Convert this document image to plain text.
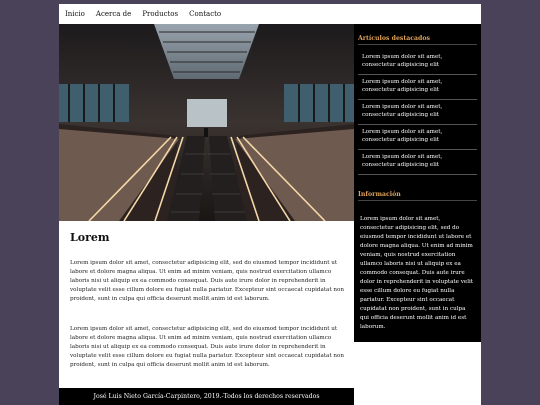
Inicio Acerca de Productos Contacto
Lorem

Lorem ipsum dolor sit amet, consectetur adipisicing elit, sed do eiusmod tempor incididunt ut labore et dolore magna aliqua. Ut enim ad minim veniam, quis nostrud exercitation ullamco laboris nisi ut aliquip ex ea commodo consequat. Duis aute irure dolor in reprehenderit in voluptate velit esse cillum dolore eu fugiat nulla pariatur. Excepteur sint occaecat cupidatat non proident, sunt in culpa qui officia deserunt mollit anim id est laborum.

Lorem ipsum dolor sit amet, consectetur adipisicing elit, sed do eiusmod tempor incididunt ut labore et dolore magna aliqua. Ut enim ad minim veniam, quis nostrud exercitation ullamco laboris nisi ut aliquip ex ea commodo consequat. Duis aute irure dolor in reprehenderit in voluptate velit esse cillum dolore eu fugiat nulla pariatur. Excepteur sint occaecat cupidatat non proident, sunt in culpa qui officia deserunt mollit anim id est laborum.

José Luis Nieto García-Carpintero, 2019.-Todos los derechos reservados
Artículos destacados
Lorem ipsum dolor sit amet, consectetur adipisicing elit
Lorem ipsum dolor sit amet, consectetur adipisicing elit
Lorem ipsum dolor sit amet, consectetur adipisicing elit
Lorem ipsum dolor sit amet, consectetur adipisicing elit
Lorem ipsum dolor sit amet, consectetur adipisicing elit
Información

Lorem ipsum dolor sit amet, consectetur adipisicing elit, sed do eiusmod tempor incididunt ut labore et dolore magna aliqua. Ut enim ad minim veniam, quis nostrud exercitation ullamco laboris nisi ut aliquip ex ea commodo consequat. Duis aute irure dolor in reprehenderit in voluptate velit esse cillum dolore eu fugiat nulla pariatur. Excepteur sint occaecat cupidatat non proident, sunt in culpa qui officia deserunt mollit anim id est laborum.
